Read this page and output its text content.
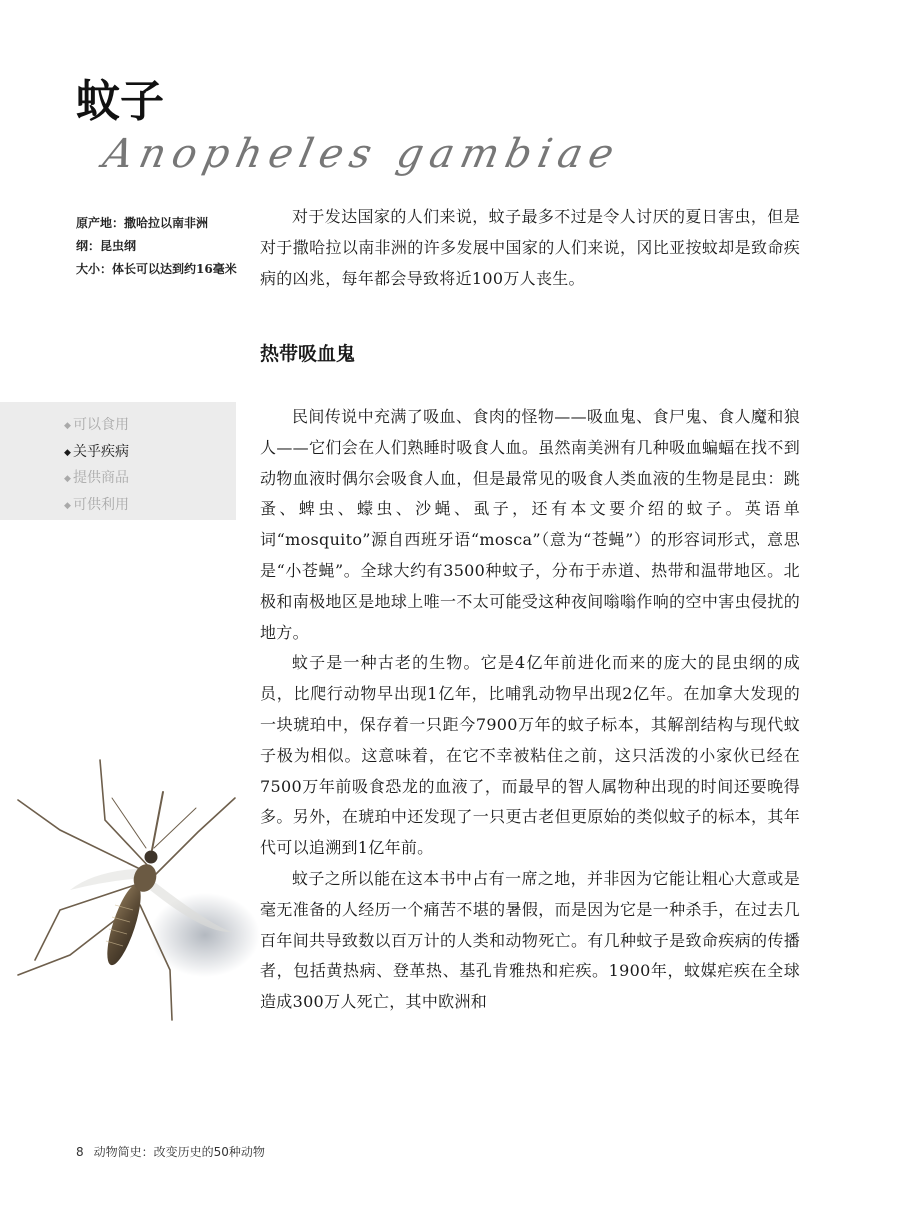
蚊子
Anopheles gambiae
原产地：撒哈拉以南非洲
纲：昆虫纲
大小：体长可以达到约16毫米
◆ 可以食用
◆ 关乎疾病
◆ 提供商品
◆ 可供利用

对于发达国家的人们来说，蚊子最多不过是令人讨厌的夏日害虫，但是对于撒哈拉以南非洲的许多发展中国家的人们来说，冈比亚按蚊却是致命疾病的凶兆，每年都会导致将近100万人丧生。

热带吸血鬼

民间传说中充满了吸血、食肉的怪物——吸血鬼、食尸鬼、食人魔和狼人——它们会在人们熟睡时吸食人血。虽然南美洲有几种吸血蝙蝠在找不到动物血液时偶尔会吸食人血，但是最常见的吸食人类血液的生物是昆虫：跳蚤、蜱虫、蠓虫、沙蝇、虱子，还有本文要介绍的蚊子。英语单词“mosquito”源自西班牙语“mosca”（意为“苍蝇”）的形容词形式，意思是“小苍蝇”。全球大约有3500种蚊子，分布于赤道、热带和温带地区。北极和南极地区是地球上唯一不太可能受这种夜间嗡嗡作响的空中害虫侵扰的地方。

蚊子是一种古老的生物。它是4亿年前进化而来的庞大的昆虫纲的成员，比爬行动物早出现1亿年，比哺乳动物早出现2亿年。在加拿大发现的一块琥珀中，保存着一只距今7900万年的蚊子标本，其解剖结构与现代蚊子极为相似。这意味着，在它不幸被粘住之前，这只活泼的小家伙已经在7500万年前吸食恐龙的血液了，而最早的智人属物种出现的时间还要晚得多。另外，在琥珀中还发现了一只更古老但更原始的类似蚊子的标本，其年代可以追溯到1亿年前。

蚊子之所以能在这本书中占有一席之地，并非因为它能让粗心大意或是毫无准备的人经历一个痛苦不堪的暑假，而是因为它是一种杀手，在过去几百年间共导致数以百万计的人类和动物死亡。有几种蚊子是致命疾病的传播者，包括黄热病、登革热、基孔肯雅热和疟疾。1900年，蚊媒疟疾在全球造成300万人死亡，其中欧洲和

8 动物简史：改变历史的50种动物
